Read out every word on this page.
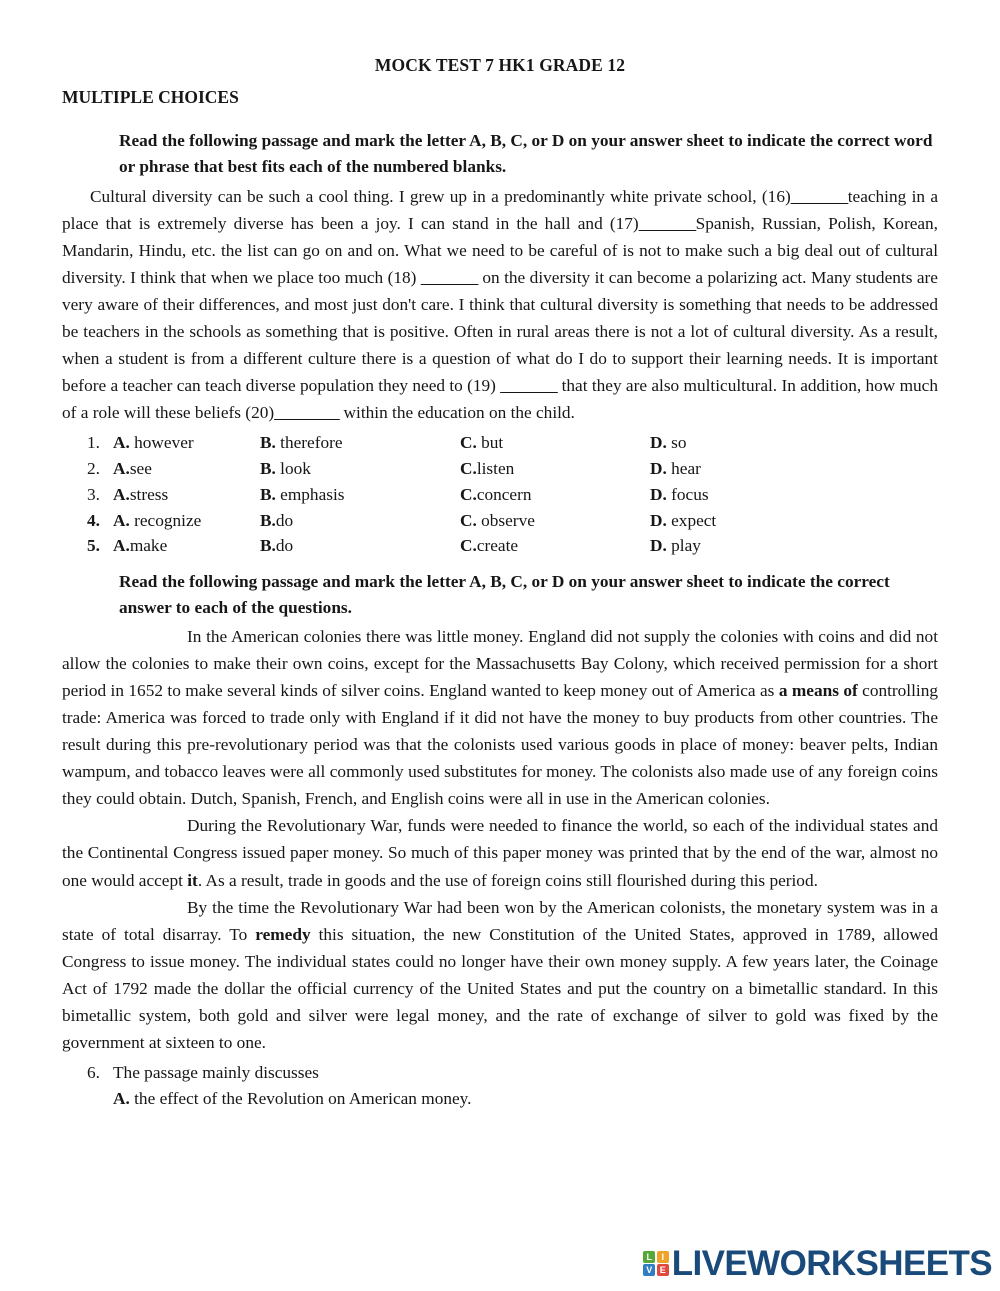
MOCK TEST 7 HK1 GRADE 12
MULTIPLE CHOICES
Read the following passage and mark the letter A, B, C, or D on your answer sheet to indicate the correct word or phrase that best fits each of the numbered blanks.

Cultural diversity can be such a cool thing. I grew up in a predominantly white private school, (16)_______teaching in a place that is extremely diverse has been a joy. I can stand in the hall and (17)_______Spanish, Russian, Polish, Korean, Mandarin, Hindu, etc. the list can go on and on. What we need to be careful of is not to make such a big deal out of cultural diversity. I think that when we place too much (18) _______ on the diversity it can become a polarizing act. Many students are very aware of their differences, and most just don't care. I think that cultural diversity is something that needs to be addressed be teachers in the schools as something that is positive. Often in rural areas there is not a lot of cultural diversity. As a result, when a student is from a different culture there is a question of what do I do to support their learning needs. It is important before a teacher can teach diverse population they need to (19) _______ that they are also multicultural. In addition, how much of a role will these beliefs (20)________ within the education on the child.

1. A. however	B. therefore	C. but	D. so
2. A.see	B. look	C.listen	D. hear
3. A.stress	B. emphasis	C.concern	D. focus
4. A. recognize	B.do	C. observe	D. expect
5. A.make	B.do	C.create	D. play
Read the following passage and mark the letter A, B, C, or D on your answer sheet to indicate the correct answer to each of the questions.

In the American colonies there was little money. England did not supply the colonies with coins and did not allow the colonies to make their own coins, except for the Massachusetts Bay Colony, which received permission for a short period in 1652 to make several kinds of silver coins. England wanted to keep money out of America as a means of controlling trade: America was forced to trade only with England if it did not have the money to buy products from other countries. The result during this pre-revolutionary period was that the colonists used various goods in place of money: beaver pelts, Indian wampum, and tobacco leaves were all commonly used substitutes for money. The colonists also made use of any foreign coins they could obtain. Dutch, Spanish, French, and English coins were all in use in the American colonies.

During the Revolutionary War, funds were needed to finance the world, so each of the individual states and the Continental Congress issued paper money. So much of this paper money was printed that by the end of the war, almost no one would accept it. As a result, trade in goods and the use of foreign coins still flourished during this period.

By the time the Revolutionary War had been won by the American colonists, the monetary system was in a state of total disarray. To remedy this situation, the new Constitution of the United States, approved in 1789, allowed Congress to issue money. The individual states could no longer have their own money supply. A few years later, the Coinage Act of 1792 made the dollar the official currency of the United States and put the country on a bimetallic standard. In this bimetallic system, both gold and silver were legal money, and the rate of exchange of silver to gold was fixed by the government at sixteen to one.

6. The passage mainly discusses
A. the effect of the Revolution on American money.
L	I
V E LIVEWORKSHEETS
